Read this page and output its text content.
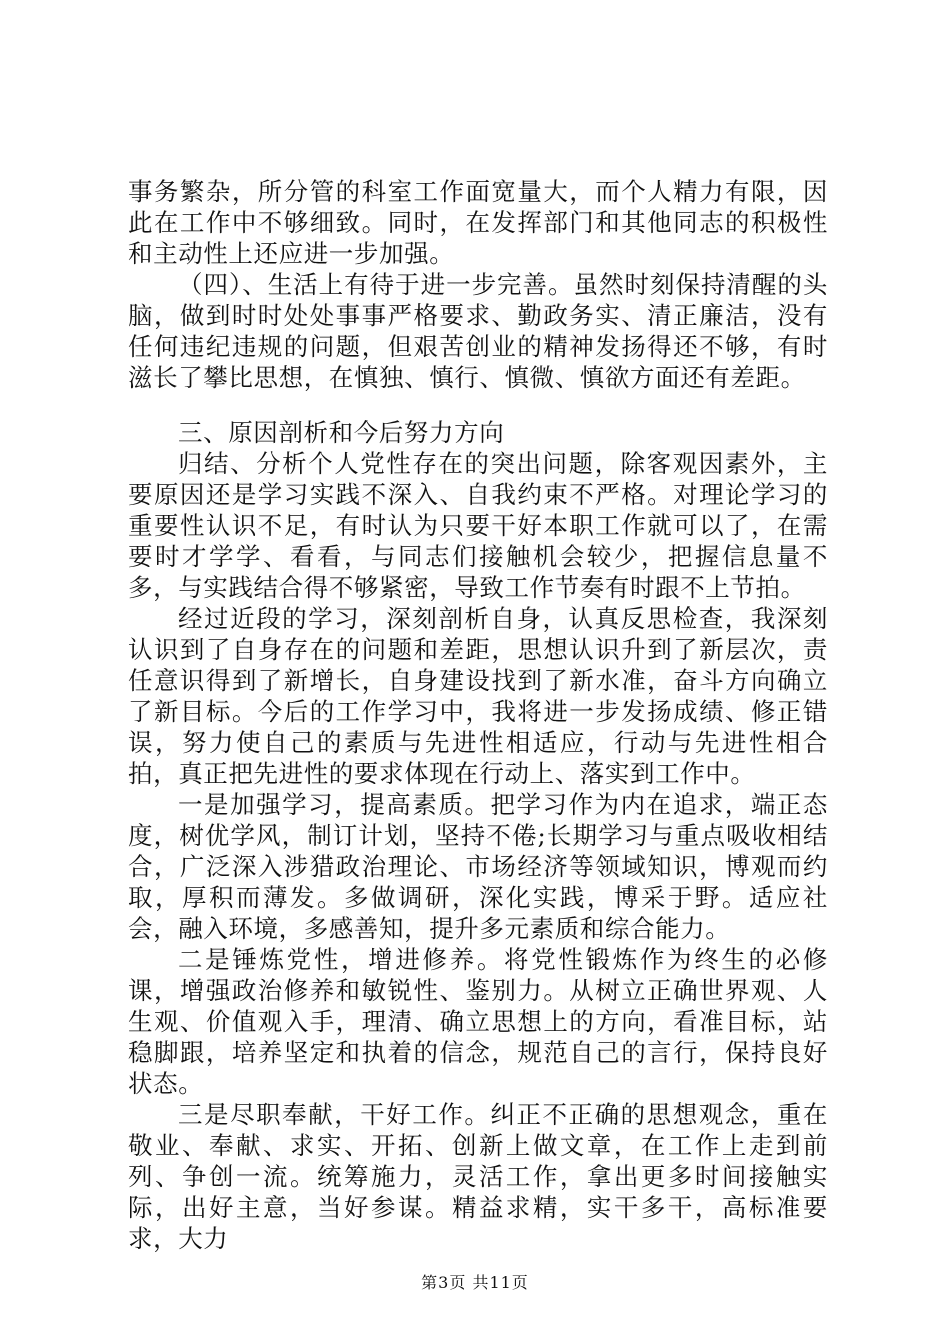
事务繁杂，所分管的科室工作面宽量大，而个人精力有限，因此在工作中不够细致。同时，在发挥部门和其他同志的积极性和主动性上还应进一步加强。

（四）、生活上有待于进一步完善。虽然时刻保持清醒的头脑，做到时时处处事事严格要求、勤政务实、清正廉洁，没有任何违纪违规的问题，但艰苦创业的精神发扬得还不够，有时滋长了攀比思想，在慎独、慎行、慎微、慎欲方面还有差距。

三、原因剖析和今后努力方向

归结、分析个人党性存在的突出问题，除客观因素外，主要原因还是学习实践不深入、自我约束不严格。对理论学习的重要性认识不足，有时认为只要干好本职工作就可以了，在需要时才学学、看看，与同志们接触机会较少，把握信息量不多，与实践结合得不够紧密，导致工作节奏有时跟不上节拍。

经过近段的学习，深刻剖析自身，认真反思检查，我深刻认识到了自身存在的问题和差距，思想认识升到了新层次，责任意识得到了新增长，自身建设找到了新水准，奋斗方向确立了新目标。今后的工作学习中，我将进一步发扬成绩、修正错误，努力使自己的素质与先进性相适应，行动与先进性相合拍，真正把先进性的要求体现在行动上、落实到工作中。

一是加强学习，提高素质。把学习作为内在追求，端正态度，树优学风，制订计划，坚持不倦;长期学习与重点吸收相结合，广泛深入涉猎政治理论、市场经济等领域知识，博观而约取，厚积而薄发。多做调研，深化实践，博采于野。适应社会，融入环境，多感善知，提升多元素质和综合能力。

二是锤炼党性，增进修养。将党性锻炼作为终生的必修课，增强政治修养和敏锐性、鉴别力。从树立正确世界观、人生观、价值观入手，理清、确立思想上的方向，看准目标，站稳脚跟，培养坚定和执着的信念，规范自己的言行，保持良好状态。

三是尽职奉献，干好工作。纠正不正确的思想观念，重在敬业、奉献、求实、开拓、创新上做文章，在工作上走到前列、争创一流。统筹施力，灵活工作，拿出更多时间接触实际，出好主意，当好参谋。精益求精，实干多干，高标准要求，大力

第3页 共11页
